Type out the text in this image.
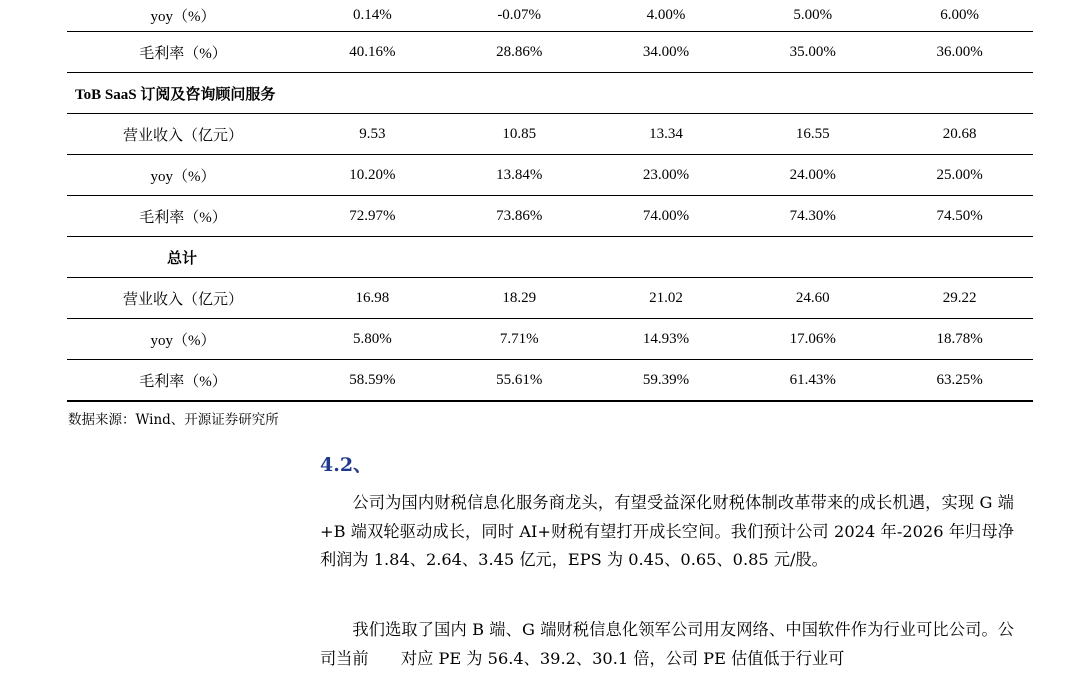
yoy（%）	0.14%	-0.07%	4.00%	5.00%	6.00%
毛利率（%）	40.16%	28.86%	34.00%	35.00%	36.00%
ToB SaaS 订阅及咨询顾问服务					
营业收入（亿元）	9.53	10.85	13.34	16.55	20.68
yoy（%）	10.20%	13.84%	23.00%	24.00%	25.00%
毛利率（%）	72.97%	73.86%	74.00%	74.30%	74.50%
总计					
营业收入（亿元）	16.98	18.29	21.02	24.60	29.22
yoy（%）	5.80%	7.71%	14.93%	17.06%	18.78%
毛利率（%）	58.59%	55.61%	59.39%	61.43%	63.25%
数据来源：Wind、开源证券研究所
4.2、

公司为国内财税信息化服务商龙头，有望受益深化财税体制改革带来的成长机遇，实现 G 端+B 端双轮驱动成长，同时 AI+财税有望打开成长空间。我们预计公司 2024 年-2026 年归母净利润为 1.84、2.64、3.45 亿元，EPS 为 0.45、0.65、0.85 元/股。

我们选取了国内 B 端、G 端财税信息化领军公司用友网络、中国软件作为行业可比公司。公司当前　　对应 PE 为 56.4、39.2、30.1 倍，公司 PE 估值低于行业可
